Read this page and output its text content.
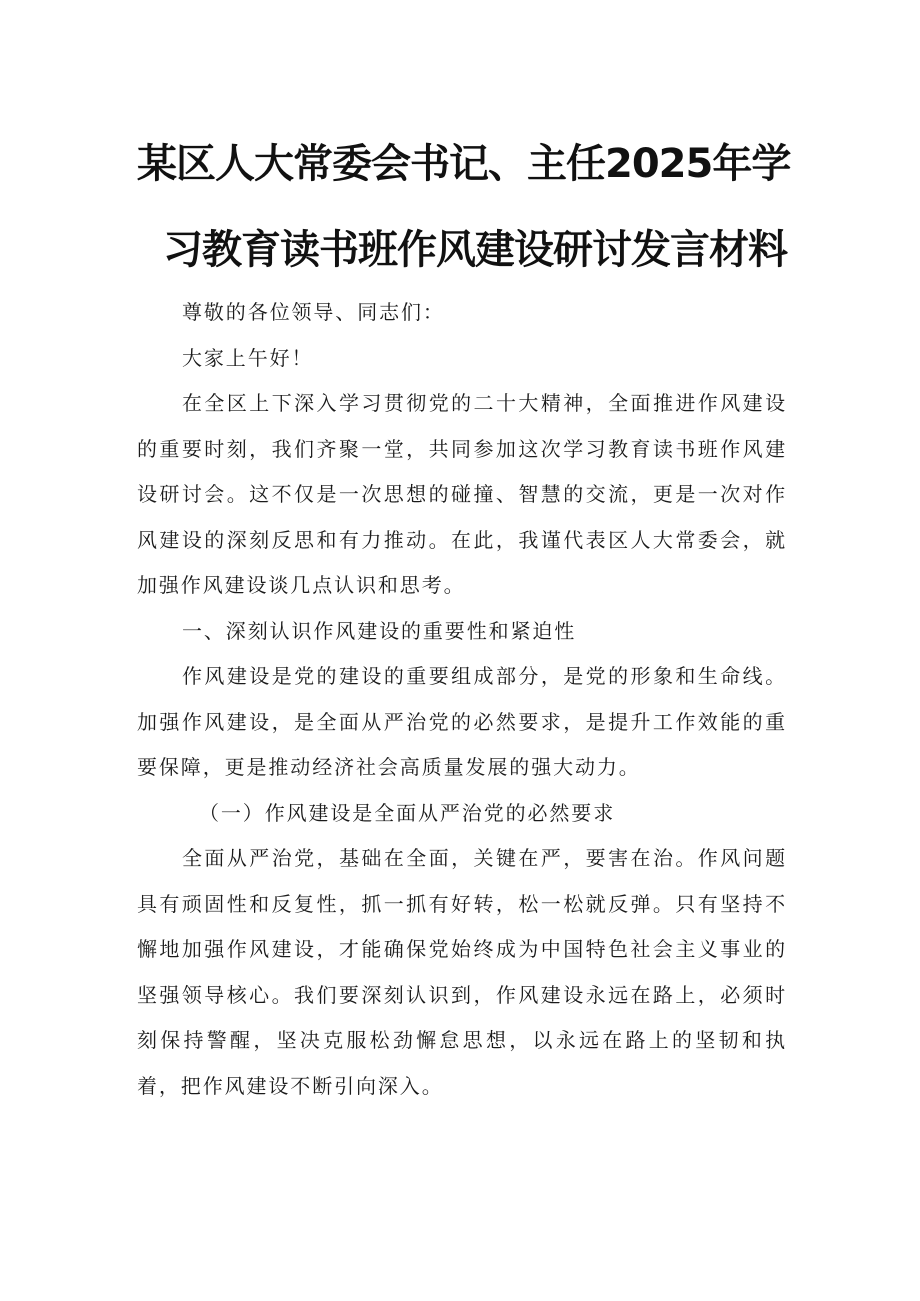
某区人大常委会书记、主任2025年学
习教育读书班作风建设研讨发言材料

尊敬的各位领导、同志们：

大家上午好！

在全区上下深入学习贯彻党的二十大精神，全面推进作风建设的重要时刻，我们齐聚一堂，共同参加这次学习教育读书班作风建设研讨会。这不仅是一次思想的碰撞、智慧的交流，更是一次对作风建设的深刻反思和有力推动。在此，我谨代表区人大常委会，就加强作风建设谈几点认识和思考。

一、深刻认识作风建设的重要性和紧迫性

作风建设是党的建设的重要组成部分，是党的形象和生命线。加强作风建设，是全面从严治党的必然要求，是提升工作效能的重要保障，更是推动经济社会高质量发展的强大动力。

（一）作风建设是全面从严治党的必然要求

全面从严治党，基础在全面，关键在严，要害在治。作风问题具有顽固性和反复性，抓一抓有好转，松一松就反弹。只有坚持不懈地加强作风建设，才能确保党始终成为中国特色社会主义事业的坚强领导核心。我们要深刻认识到，作风建设永远在路上，必须时刻保持警醒，坚决克服松劲懈怠思想，以永远在路上的坚韧和执着，把作风建设不断引向深入。
